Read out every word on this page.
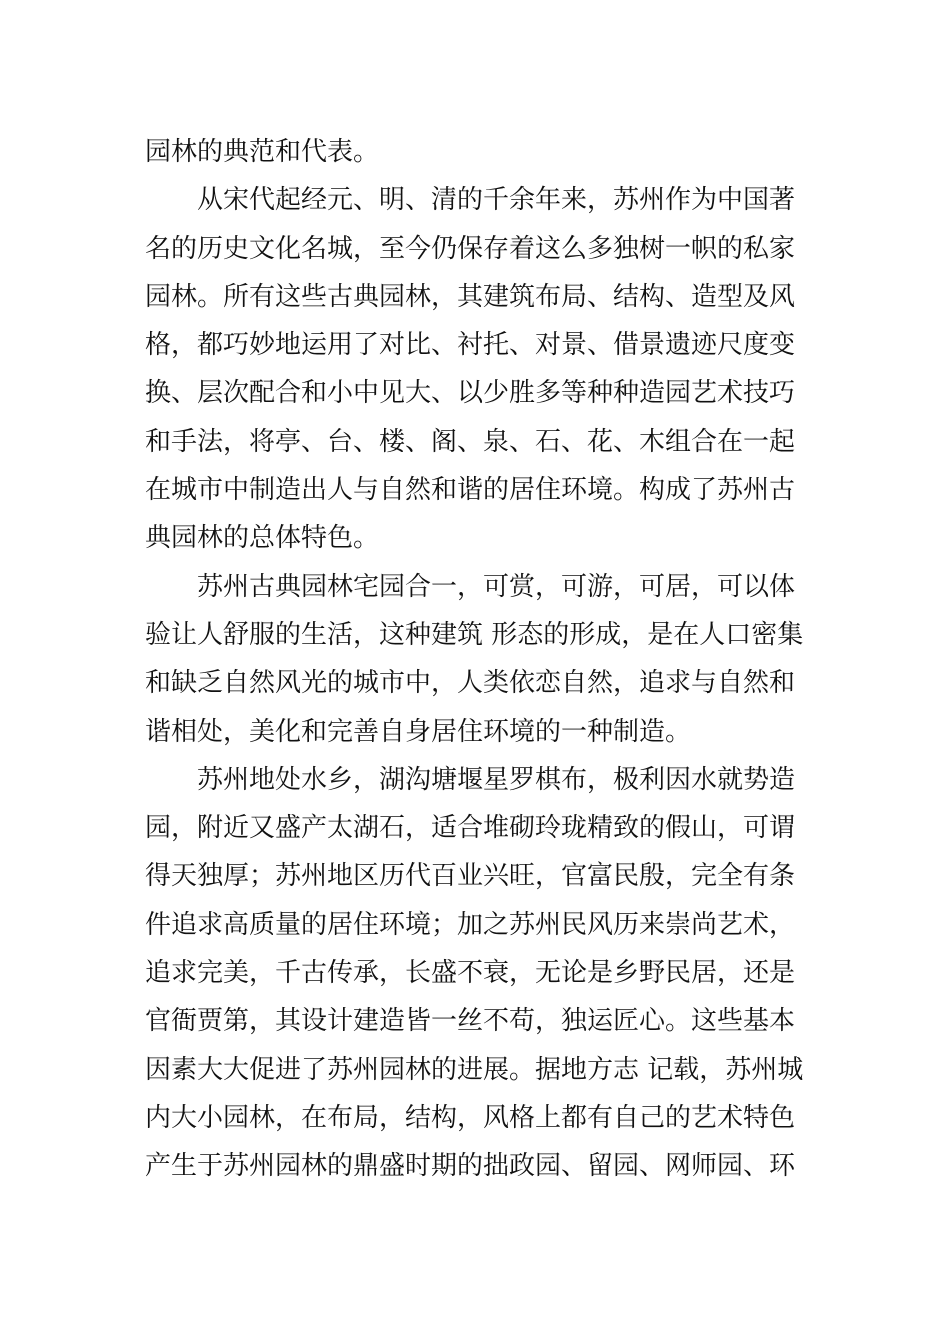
园林的典范和代表。
从宋代起经元、明、清的千余年来，苏州作为中国著
名的历史文化名城，至今仍保存着这么多独树一帜的私家
园林。所有这些古典园林，其建筑布局、结构、造型及风
格，都巧妙地运用了对比、衬托、对景、借景遗迹尺度变
换、层次配合和小中见大、以少胜多等种种造园艺术技巧
和手法，将亭、台、楼、阁、泉、石、花、木组合在一起
在城市中制造出人与自然和谐的居住环境。构成了苏州古
典园林的总体特色。
苏州古典园林宅园合一，可赏，可游，可居，可以体
验让人舒服的生活，这种建筑 形态的形成，是在人口密集
和缺乏自然风光的城市中，人类依恋自然，追求与自然和
谐相处，美化和完善自身居住环境的一种制造。
苏州地处水乡，湖沟塘堰星罗棋布，极利因水就势造
园，附近又盛产太湖石，适合堆砌玲珑精致的假山，可谓
得天独厚；苏州地区历代百业兴旺，官富民殷，完全有条
件追求高质量的居住环境；加之苏州民风历来崇尚艺术，
追求完美，千古传承，长盛不衰，无论是乡野民居，还是
官衙贾第，其设计建造皆一丝不苟，独运匠心。这些基本
因素大大促进了苏州园林的进展。据地方志 记载，苏州城
内大小园林，在布局，结构，风格上都有自己的艺术特色
产生于苏州园林的鼎盛时期的拙政园、留园、网师园、环
